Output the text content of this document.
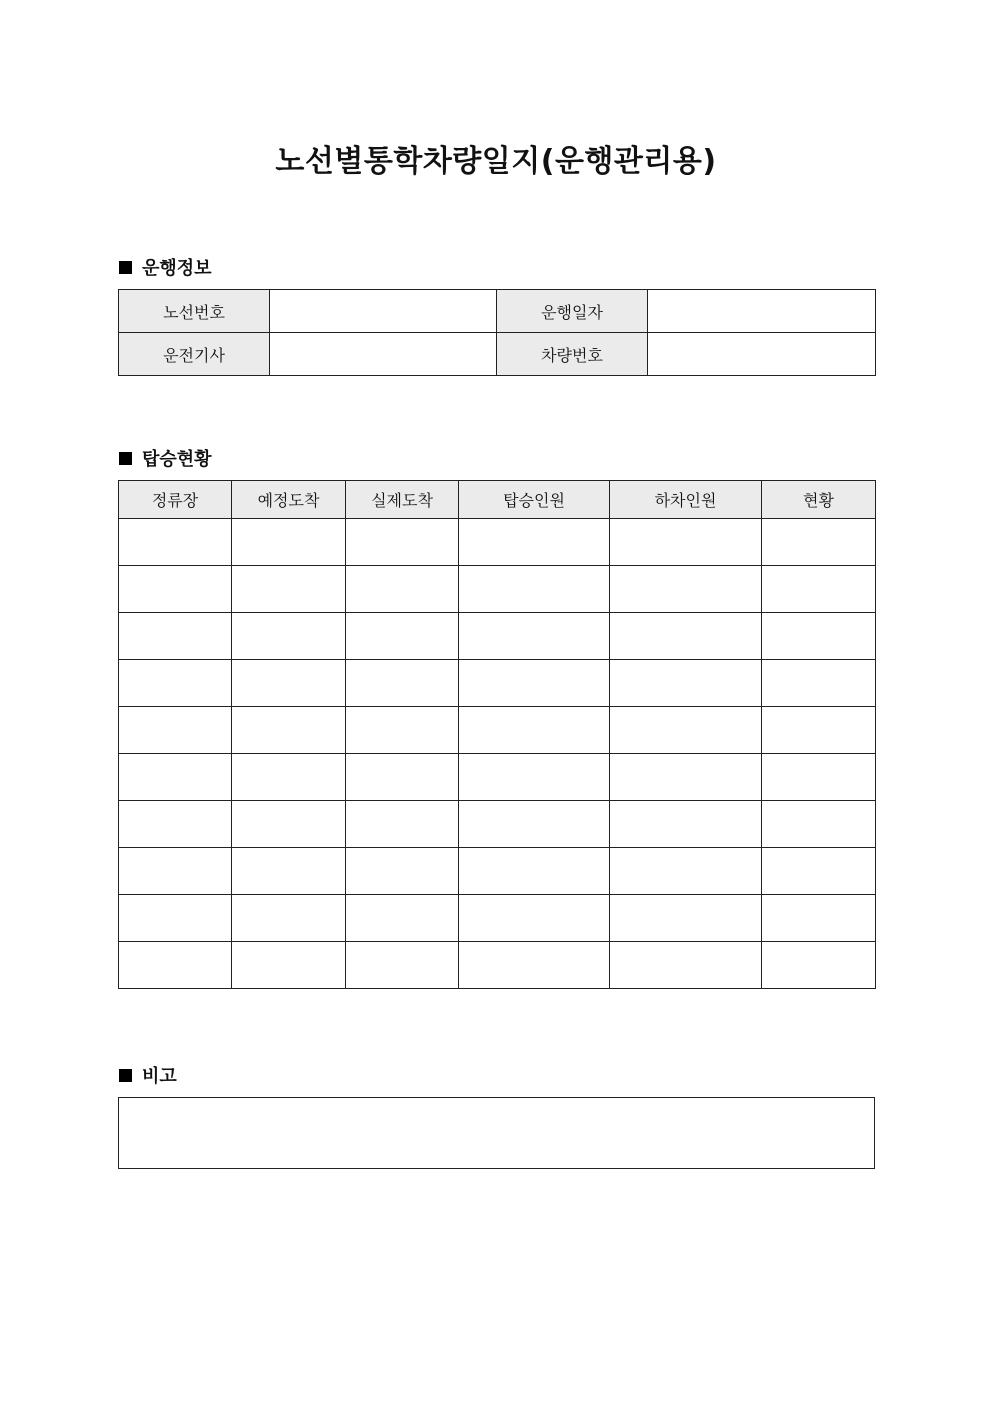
노선별통학차량일지(운행관리용)
운행정보
노선번호		운행일자	
운전기사		차량번호	
탑승현황
정류장	예정도착	실제도착	탑승인원	하차인원	현황

비고
